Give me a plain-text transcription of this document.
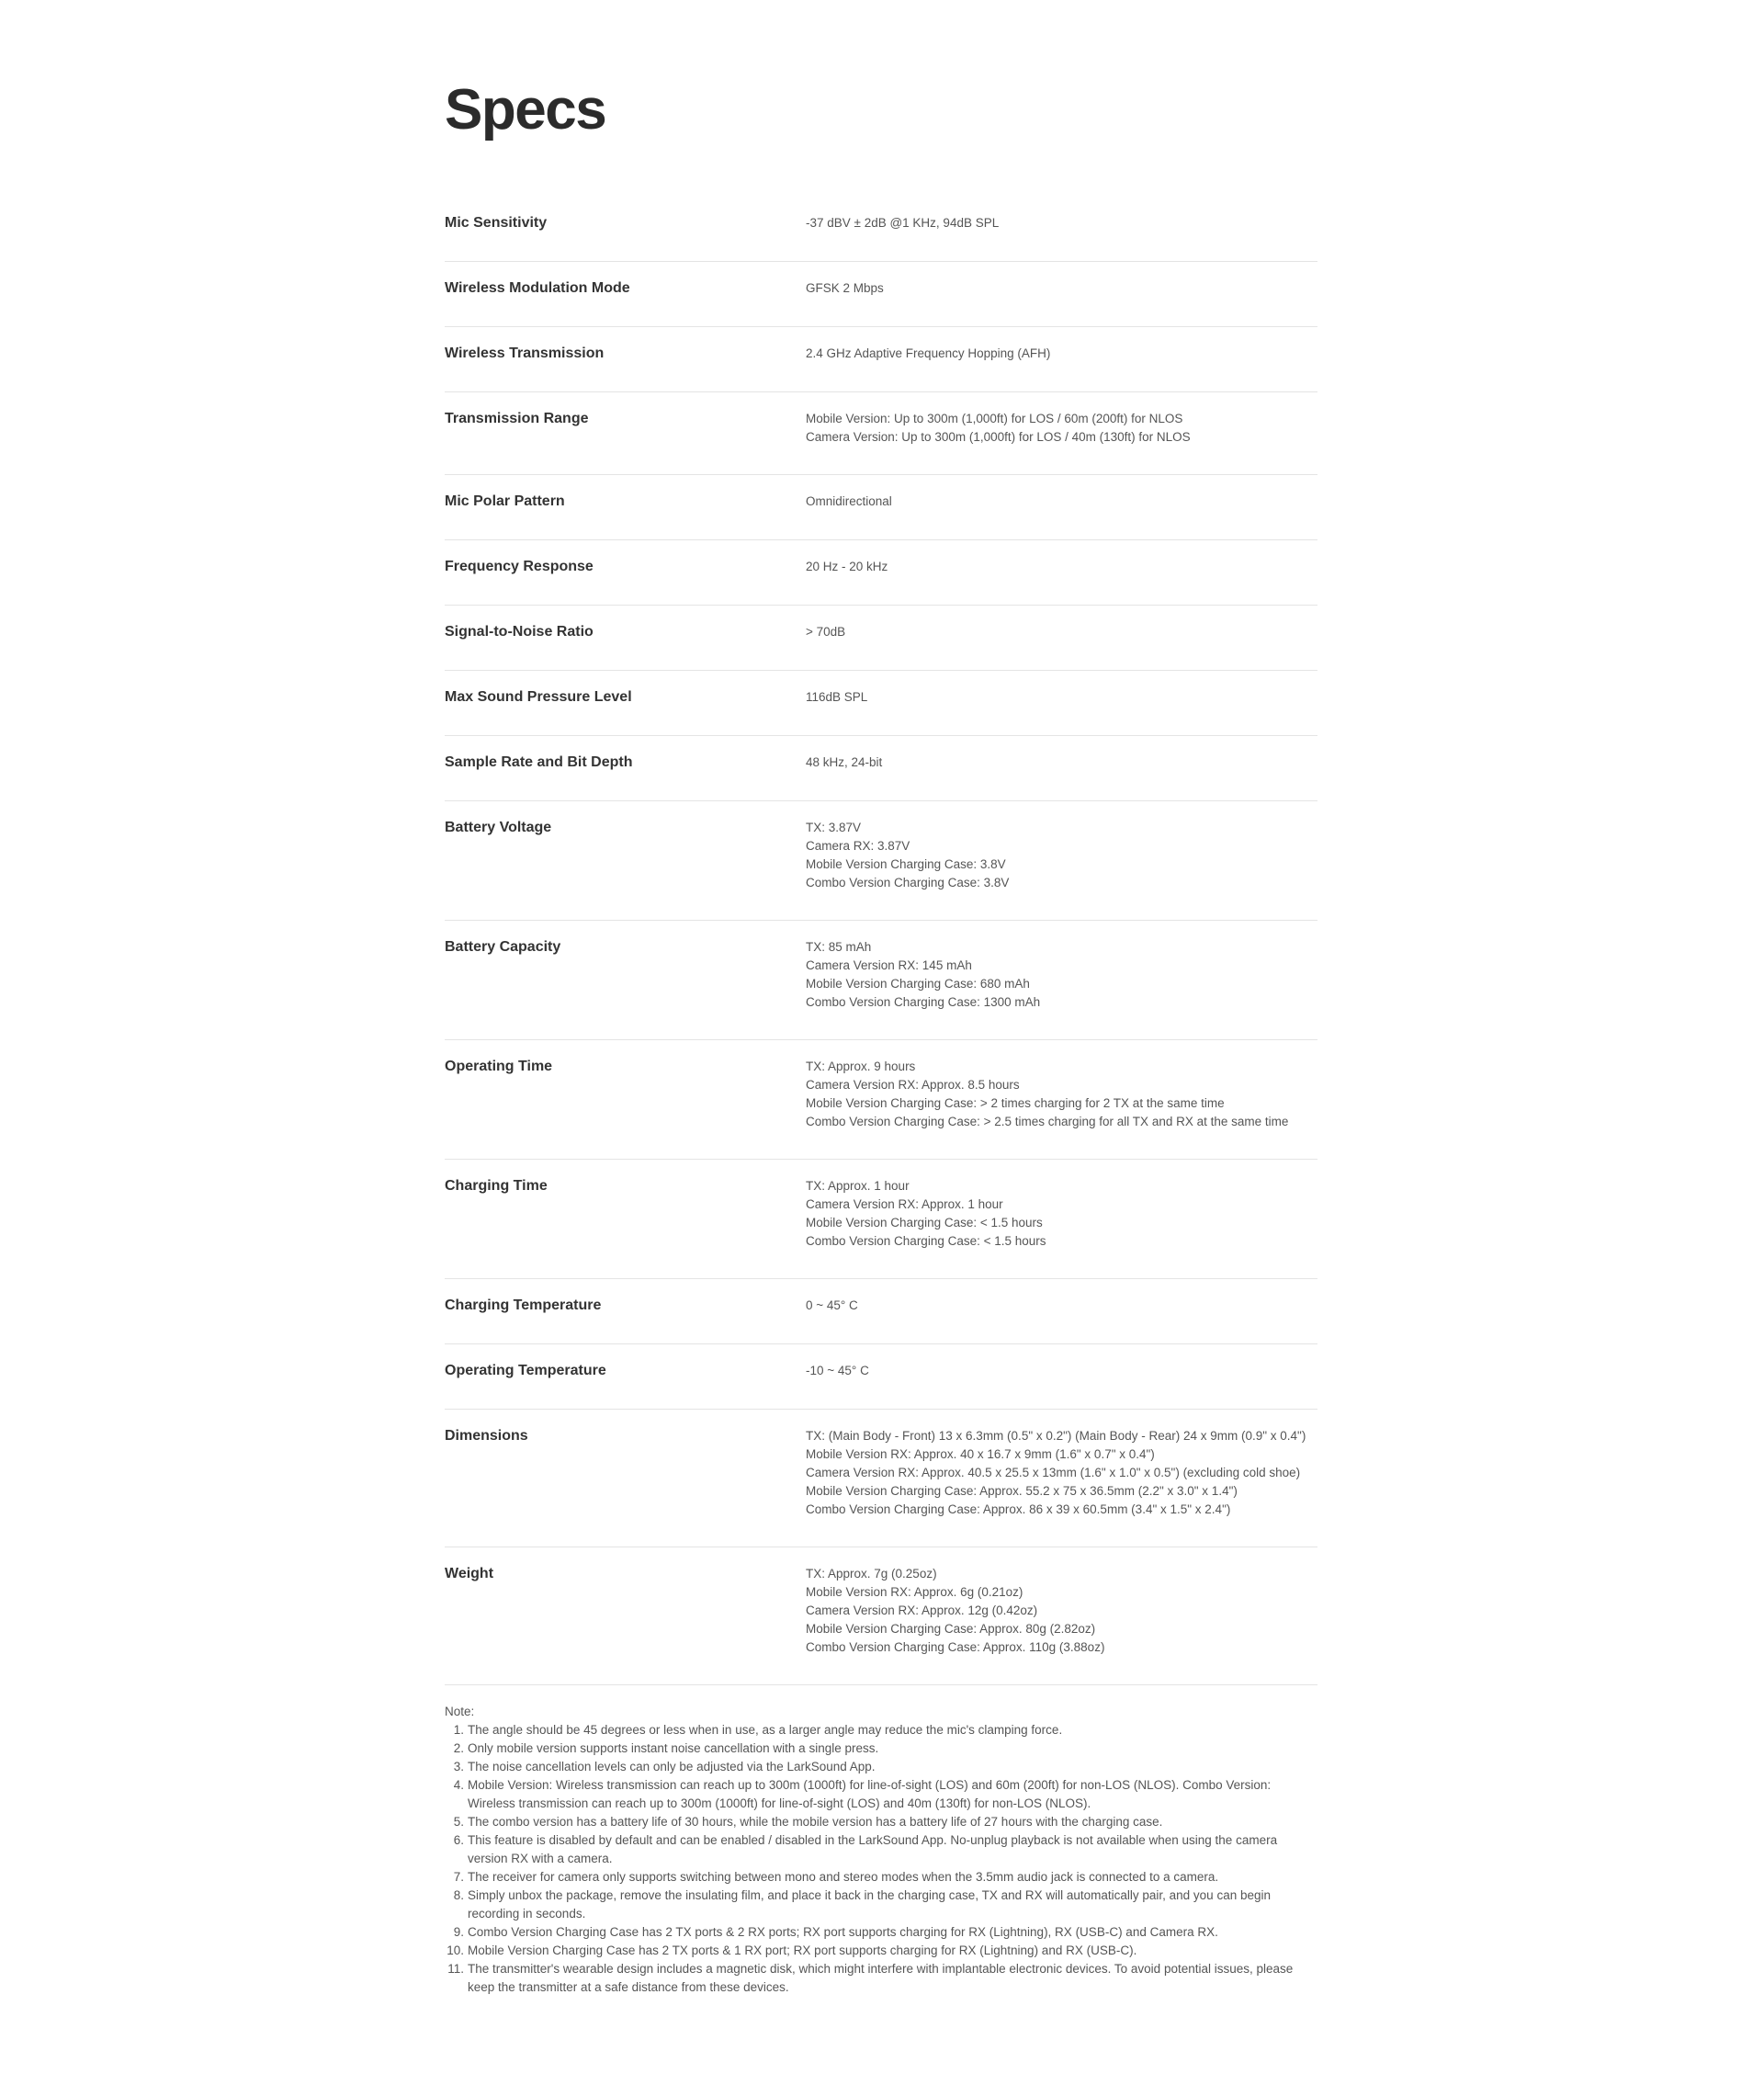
Specs
Mic Sensitivity	-37 dBV ± 2dB @1 KHz, 94dB SPL
Wireless Modulation Mode	GFSK 2 Mbps
Wireless Transmission	2.4 GHz Adaptive Frequency Hopping (AFH)
Transmission Range	Mobile Version: Up to 300m (1,000ft) for LOS / 60m (200ft) for NLOS
Camera Version: Up to 300m (1,000ft) for LOS / 40m (130ft) for NLOS
Mic Polar Pattern	Omnidirectional
Frequency Response	20 Hz - 20 kHz
Signal-to-Noise Ratio	> 70dB
Max Sound Pressure Level	116dB SPL
Sample Rate and Bit Depth	48 kHz, 24-bit
Battery Voltage	TX: 3.87V
Camera RX: 3.87V
Mobile Version Charging Case: 3.8V
Combo Version Charging Case: 3.8V
Battery Capacity	TX: 85 mAh
Camera Version RX: 145 mAh
Mobile Version Charging Case: 680 mAh
Combo Version Charging Case: 1300 mAh
Operating Time	TX: Approx. 9 hours
Camera Version RX: Approx. 8.5 hours
Mobile Version Charging Case: > 2 times charging for 2 TX at the same time
Combo Version Charging Case: > 2.5 times charging for all TX and RX at the same time
Charging Time	TX: Approx. 1 hour
Camera Version RX: Approx. 1 hour
Mobile Version Charging Case: < 1.5 hours
Combo Version Charging Case: < 1.5 hours
Charging Temperature	0 ~ 45° C
Operating Temperature	-10 ~ 45° C
Dimensions	TX: (Main Body - Front) 13 x 6.3mm (0.5" x 0.2") (Main Body - Rear) 24 x 9mm (0.9" x 0.4")
Mobile Version RX: Approx. 40 x 16.7 x 9mm (1.6" x 0.7" x 0.4")
Camera Version RX: Approx. 40.5 x 25.5 x 13mm (1.6" x 1.0" x 0.5") (excluding cold shoe)
Mobile Version Charging Case: Approx. 55.2 x 75 x 36.5mm (2.2" x 3.0" x 1.4")
Combo Version Charging Case: Approx. 86 x 39 x 60.5mm (3.4" x 1.5" x 2.4")
Weight	TX: Approx. 7g (0.25oz)
Mobile Version RX: Approx. 6g (0.21oz)
Camera Version RX: Approx. 12g (0.42oz)
Mobile Version Charging Case: Approx. 80g (2.82oz)
Combo Version Charging Case: Approx. 110g (3.88oz)
Note:
1. The angle should be 45 degrees or less when in use, as a larger angle may reduce the mic's clamping force.
2. Only mobile version supports instant noise cancellation with a single press.
3. The noise cancellation levels can only be adjusted via the LarkSound App.
4. Mobile Version: Wireless transmission can reach up to 300m (1000ft) for line-of-sight (LOS) and 60m (200ft) for non-LOS (NLOS). Combo Version: Wireless transmission can reach up to 300m (1000ft) for line-of-sight (LOS) and 40m (130ft) for non-LOS (NLOS).
5. The combo version has a battery life of 30 hours, while the mobile version has a battery life of 27 hours with the charging case.
6. This feature is disabled by default and can be enabled / disabled in the LarkSound App. No-unplug playback is not available when using the camera version RX with a camera.
7. The receiver for camera only supports switching between mono and stereo modes when the 3.5mm audio jack is connected to a camera.
8. Simply unbox the package, remove the insulating film, and place it back in the charging case, TX and RX will automatically pair, and you can begin recording in seconds.
9. Combo Version Charging Case has 2 TX ports & 2 RX ports; RX port supports charging for RX (Lightning), RX (USB-C) and Camera RX.
10. Mobile Version Charging Case has 2 TX ports & 1 RX port; RX port supports charging for RX (Lightning) and RX (USB-C).
11. The transmitter's wearable design includes a magnetic disk, which might interfere with implantable electronic devices. To avoid potential issues, please keep the transmitter at a safe distance from these devices.
